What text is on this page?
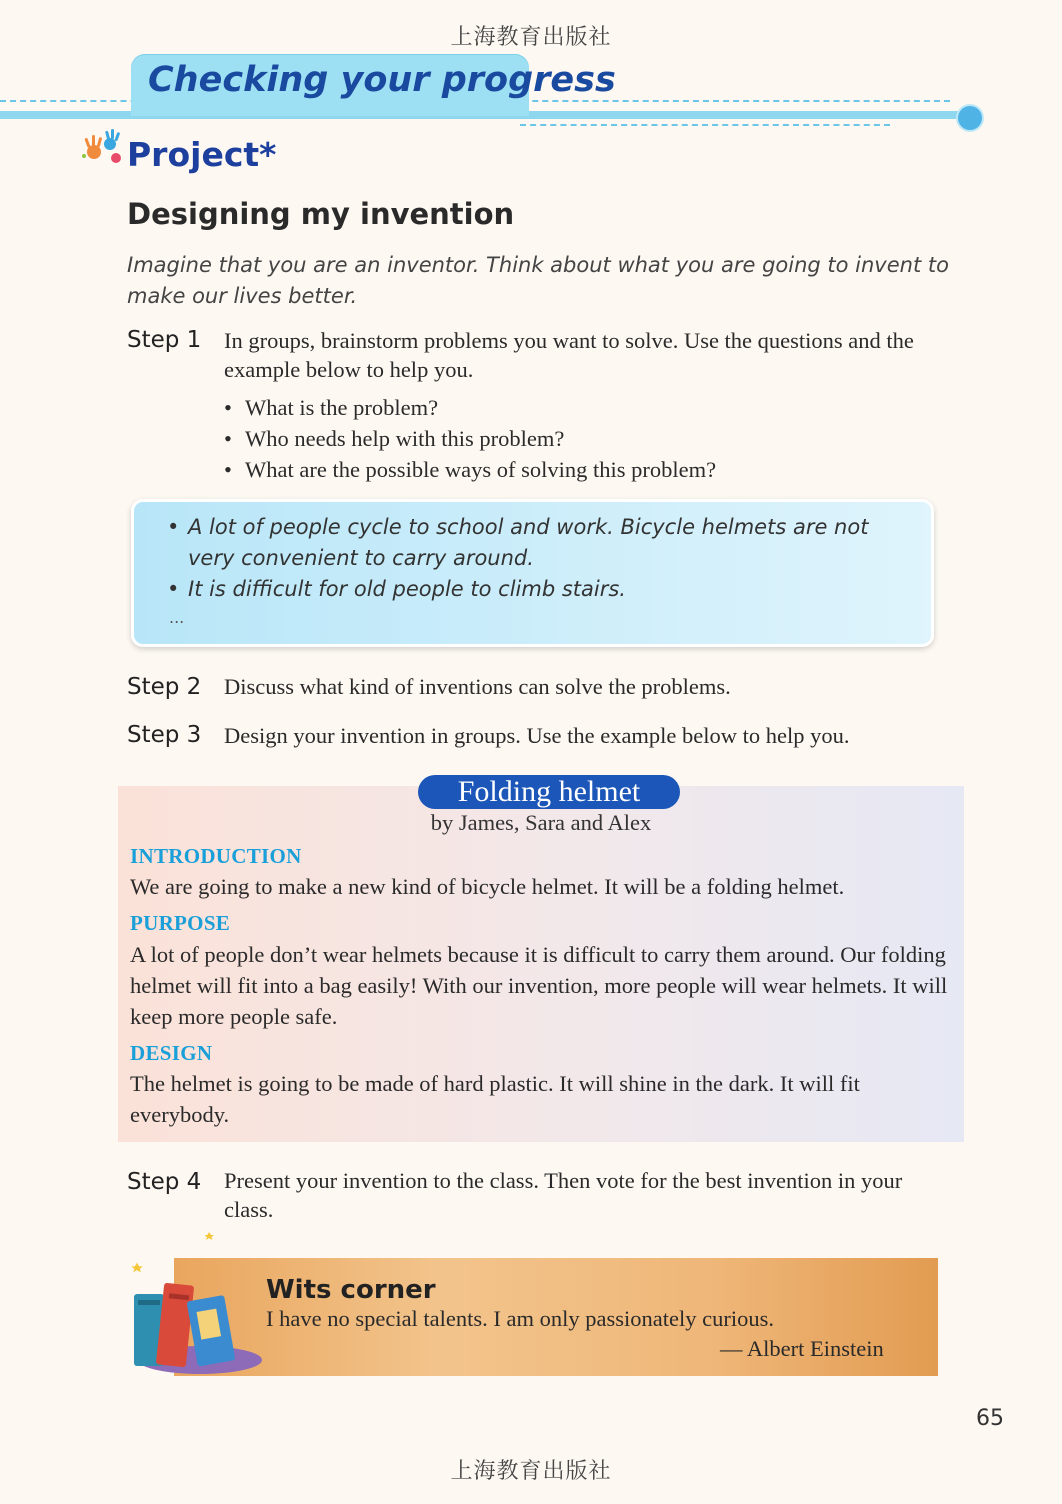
上海教育出版社
Checking your progress
Project*
Designing my invention
Imagine that you are an inventor. Think about what you are going to invent to make our lives better.
Step 1 In groups, brainstorm problems you want to solve. Use the questions and the example below to help you.
• What is the problem?
• Who needs help with this problem?
• What are the possible ways of solving this problem?
• A lot of people cycle to school and work. Bicycle helmets are not very convenient to carry around.
• It is difficult for old people to climb stairs.
...
Step 2 Discuss what kind of inventions can solve the problems.
Step 3 Design your invention in groups. Use the example below to help you.
Folding helmet
by James, Sara and Alex
INTRODUCTION
We are going to make a new kind of bicycle helmet. It will be a folding helmet.
PURPOSE
A lot of people don’t wear helmets because it is difficult to carry them around. Our folding helmet will fit into a bag easily! With our invention, more people will wear helmets. It will keep more people safe.
DESIGN
The helmet is going to be made of hard plastic. It will shine in the dark. It will fit everybody.
Step 4 Present your invention to the class. Then vote for the best invention in your class.
Wits corner
I have no special talents. I am only passionately curious.
— Albert Einstein
65
上海教育出版社
